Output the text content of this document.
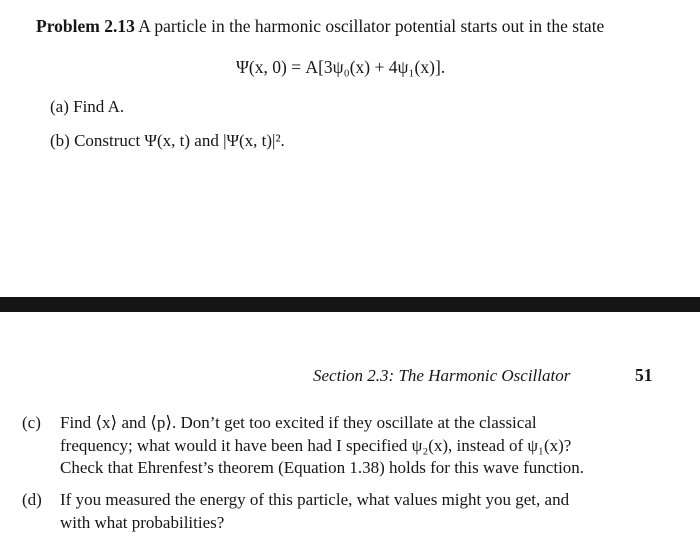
Problem 2.13 A particle in the harmonic oscillator potential starts out in the state
Ψ(x, 0) = A[3ψ₀(x) + 4ψ₁(x)].
(a) Find A.
(b) Construct Ψ(x, t) and |Ψ(x, t)|².
Section 2.3: The Harmonic Oscillator	51
(c) Find ⟨x⟩ and ⟨p⟩. Don’t get too excited if they oscillate at the classical
frequency; what would it have been had I specified ψ₂(x), instead of ψ₁(x)?
Check that Ehrenfest’s theorem (Equation 1.38) holds for this wave function.
(d) If you measured the energy of this particle, what values might you get, and
with what probabilities?
